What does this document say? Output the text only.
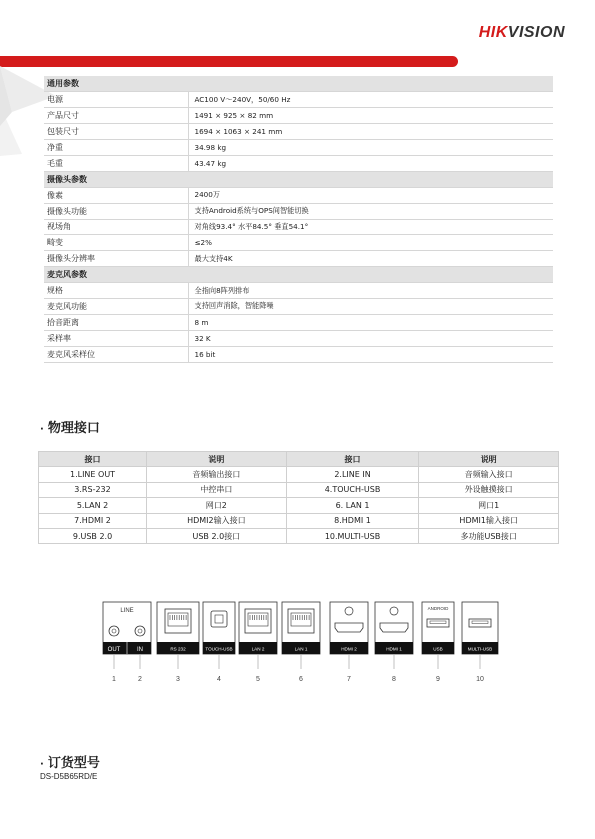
HIKVISION
通用参数	
电源	AC100 V～240V，50/60 Hz
产品尺寸	1491 × 925 × 82 mm
包装尺寸	1694 × 1063 × 241 mm
净重	34.98 kg
毛重	43.47 kg
摄像头参数	
像素	2400万
摄像头功能	支持Android系统与OPS间智能切换
视场角	对角线93.4° 水平84.5° 垂直54.1°
畸变	≤2%
摄像头分辨率	最大支持4K
麦克风参数	
规格	全指向8阵列排布
麦克风功能	支持回声消除，智能降噪
拾音距离	8 m
采样率	32 K
麦克风采样位	16 bit
· 物理接口
接口	说明	接口	说明
1.LINE OUT	音频输出接口	2.LINE IN	音频输入接口
3.RS-232	中控串口	4.TOUCH-USB	外设触摸接口
5.LAN 2	网口2	6. LAN 1	网口1
7.HDMI 2	HDMI2输入接口	8.HDMI 1	HDMI1输入接口
9.USB 2.0	USB 2.0接口	10.MULTI-USB	多功能USB接口
LINE
OUT	IN	RS 232	TOUCH-USB	LAN 2	LAN 1	HDMI 2	HDMI 1
ANDROID
USB	MULTI-USB
1	2	3	4	5	6	7	8	9	10
· 订货型号
DS-D5B65RD/E
